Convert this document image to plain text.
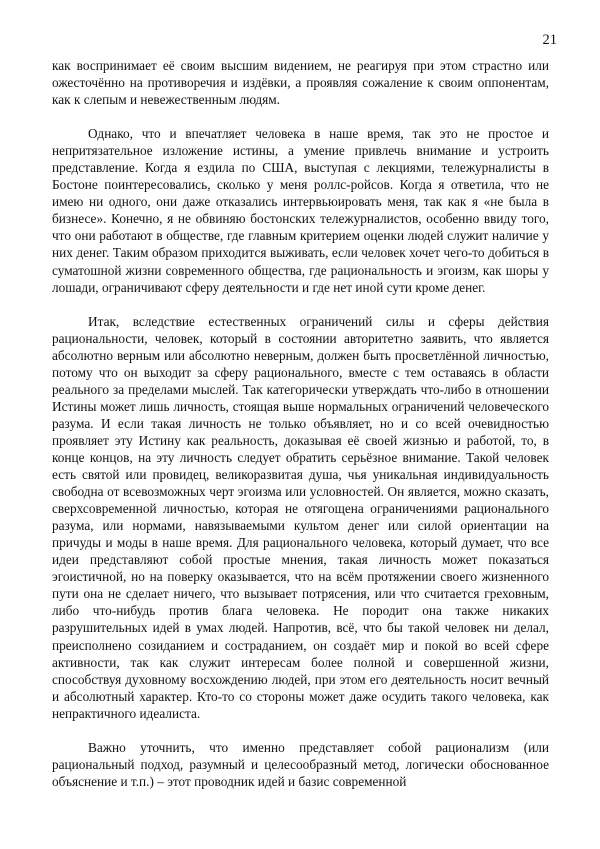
21

как воспринимает её своим высшим видением, не реагируя при этом страстно или ожесточённо на противоречия и издёвки, а проявляя сожаление к своим оппонентам, как к слепым и невежественным людям.

Однако, что и впечатляет человека в наше время, так это не простое и непритязательное изложение истины, а умение привлечь внимание и устроить представление. Когда я ездила по США, выступая с лекциями, тележурналисты в Бостоне поинтересовались, сколько у меня роллс-ройсов. Когда я ответила, что не имею ни одного, они даже отказались интервьюировать меня, так как я «не была в бизнесе». Конечно, я не обвиняю бостонских тележурналистов, особенно ввиду того, что они работают в обществе, где главным критерием оценки людей служит наличие у них денег. Таким образом приходится выживать, если человек хочет чего-то добиться в суматошной жизни современного общества, где рациональность и эгоизм, как шоры у лошади, ограничивают сферу деятельности и где нет иной сути кроме денег.

Итак, вследствие естественных ограничений силы и сферы действия рациональности, человек, который в состоянии авторитетно заявить, что является абсолютно верным или абсолютно неверным, должен быть просветлённой личностью, потому что он выходит за сферу рационального, вместе с тем оставаясь в области реального за пределами мыслей. Так категорически утверждать что-либо в отношении Истины может лишь личность, стоящая выше нормальных ограничений человеческого разума. И если такая личность не только объявляет, но и со всей очевидностью проявляет эту Истину как реальность, доказывая её своей жизнью и работой, то, в конце концов, на эту личность следует обратить серьёзное внимание. Такой человек есть святой или провидец, великоразвитая душа, чья уникальная индивидуальность свободна от всевозможных черт эгоизма или условностей. Он является, можно сказать, сверхсовременной личностью, которая не отягощена ограничениями рационального разума, или нормами, навязываемыми культом денег или силой ориентации на причуды и моды в наше время. Для рационального человека, который думает, что все идеи представляют собой простые мнения, такая личность может показаться эгоистичной, но на поверку оказывается, что на всём протяжении своего жизненного пути она не сделает ничего, что вызывает потрясения, или что считается греховным, либо что-нибудь против блага человека. Не породит она также никаких разрушительных идей в умах людей. Напротив, всё, что бы такой человек ни делал, преисполнено созиданием и состраданием, он создаёт мир и покой во всей сфере активности, так как служит интересам более полной и совершенной жизни, способствуя духовному восхождению людей, при этом его деятельность носит вечный и абсолютный характер. Кто-то со стороны может даже осудить такого человека, как непрактичного идеалиста.

Важно уточнить, что именно представляет собой рационализм (или рациональный подход, разумный и целесообразный метод, логически обоснованное объяснение и т.п.) – этот проводник идей и базис современной
